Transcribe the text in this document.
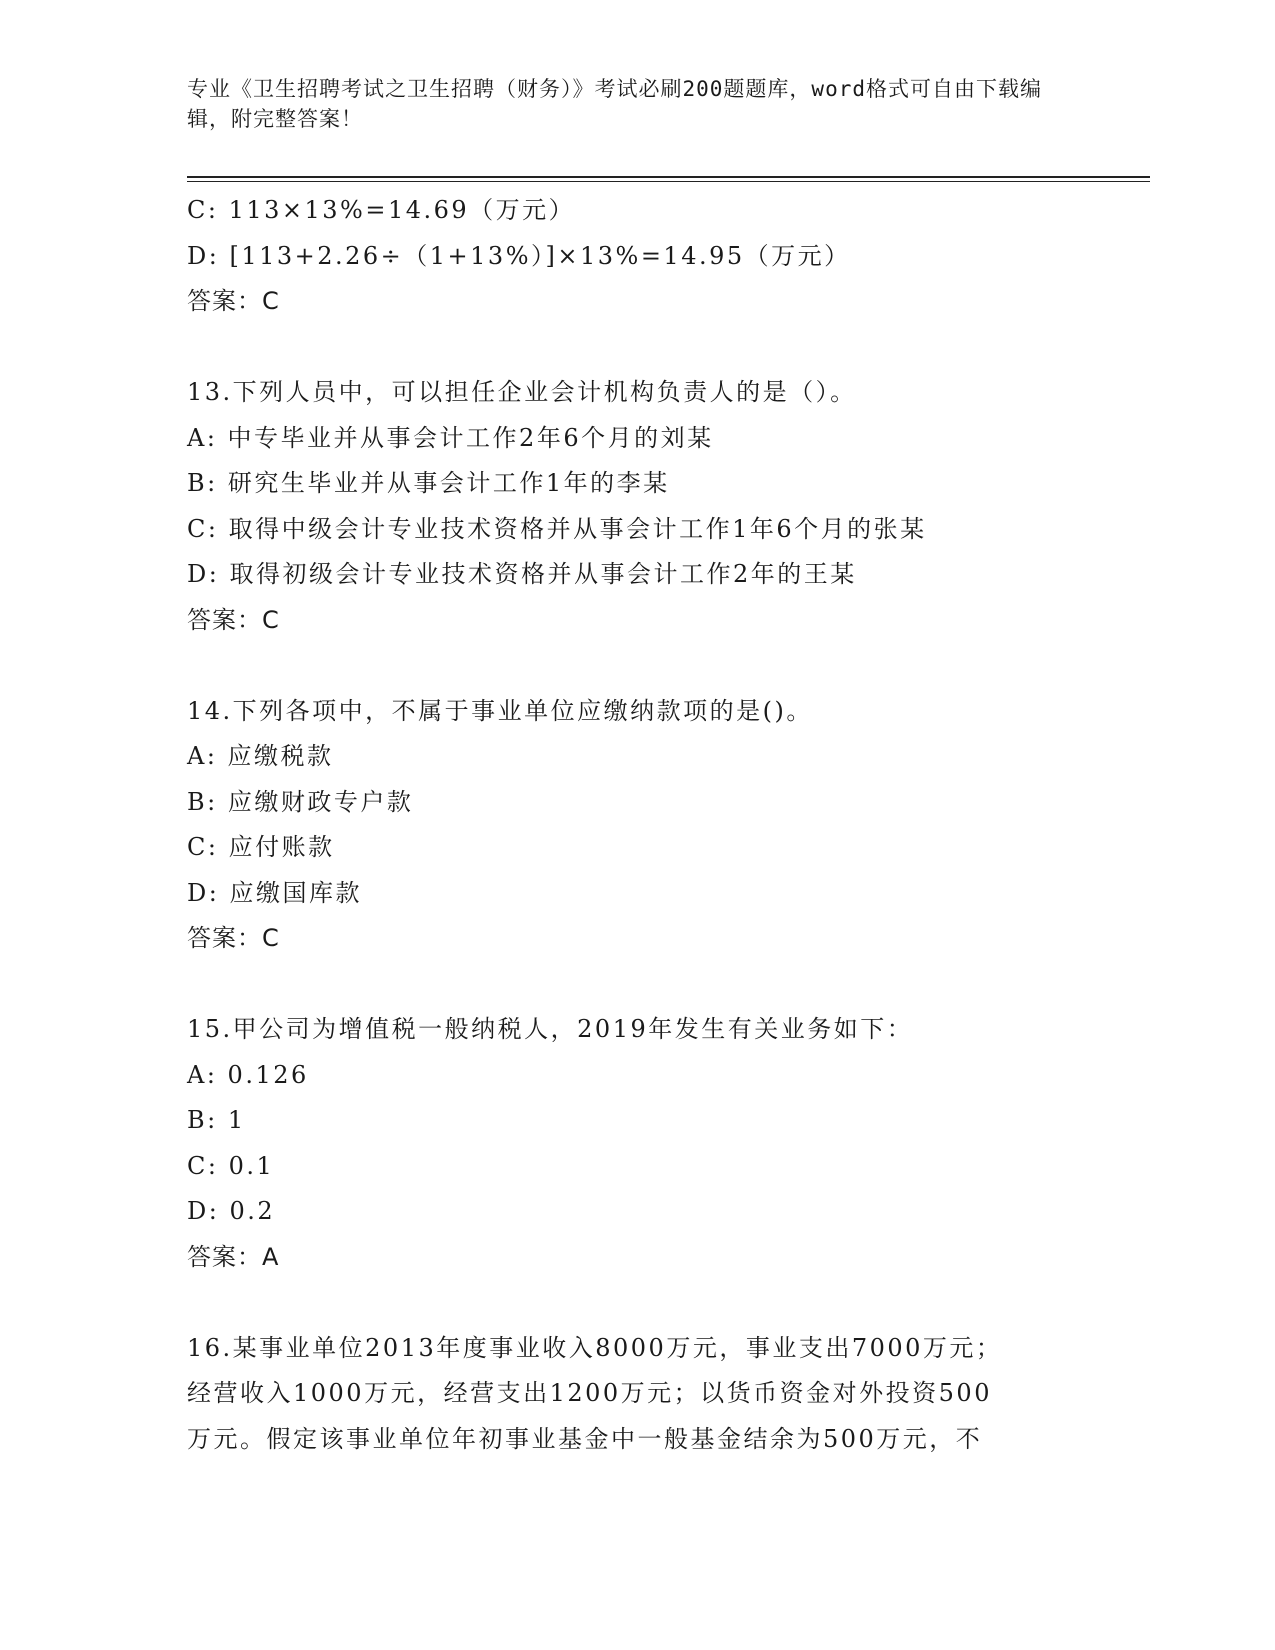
专业《卫生招聘考试之卫生招聘（财务）》考试必刷200题题库，word格式可自由下载编辑，附完整答案！
C: 113×13%=14.69（万元）
D: [113+2.26÷（1+13%）]×13%=14.95（万元）
答案：C
13.下列人员中，可以担任企业会计机构负责人的是（）。
A: 中专毕业并从事会计工作2年6个月的刘某
B: 研究生毕业并从事会计工作1年的李某
C: 取得中级会计专业技术资格并从事会计工作1年6个月的张某
D: 取得初级会计专业技术资格并从事会计工作2年的王某
答案：C
14.下列各项中，不属于事业单位应缴纳款项的是()。
A: 应缴税款
B: 应缴财政专户款
C: 应付账款
D: 应缴国库款
答案：C
15.甲公司为增值税一般纳税人，2019年发生有关业务如下：
A: 0.126
B: 1
C: 0.1
D: 0.2
答案：A
16.某事业单位2013年度事业收入8000万元，事业支出7000万元；
经营收入1000万元，经营支出1200万元；以货币资金对外投资500
万元。假定该事业单位年初事业基金中一般基金结余为500万元，不
